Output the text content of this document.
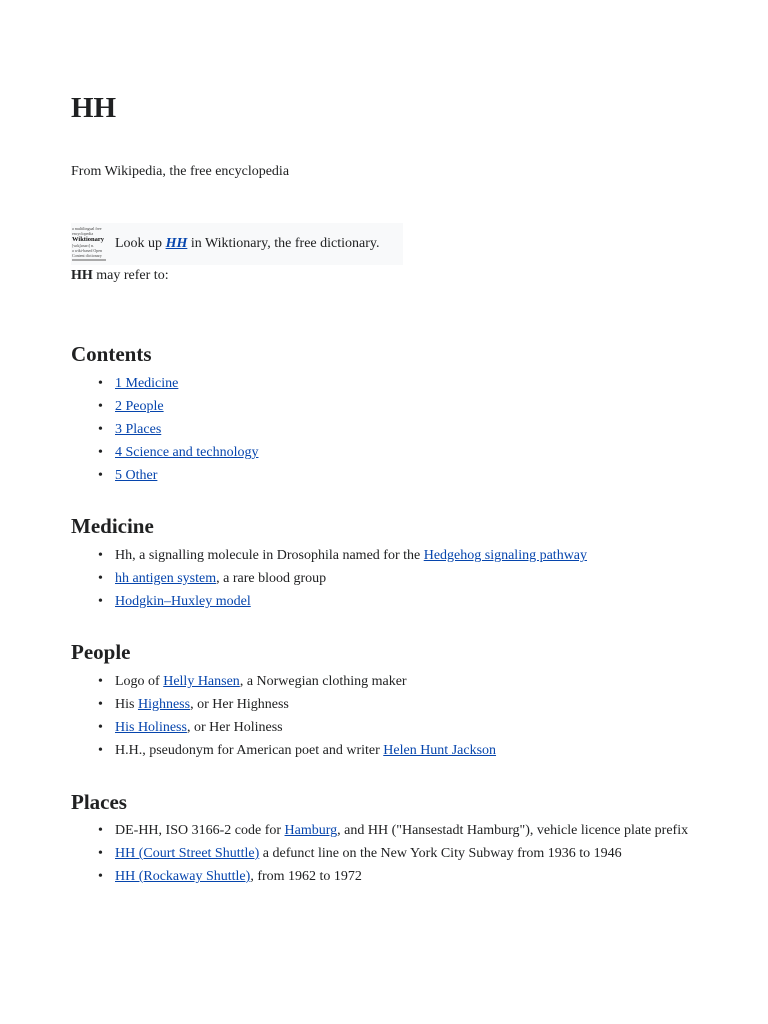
HH

From Wikipedia, the free encyclopedia

a multilingual free
encyclopedia
Wiktionary
[wɪkʃənərɪ] n.
a wiki-based Open
Content dictionary
Look up HH in Wiktionary, the free dictionary.

HH may refer to:

Contents
• 1 Medicine
• 2 People
• 3 Places
• 4 Science and technology
• 5 Other
Medicine
• Hh, a signalling molecule in Drosophila named for the Hedgehog signaling pathway
• hh antigen system, a rare blood group
• Hodgkin–Huxley model
People
• Logo of Helly Hansen, a Norwegian clothing maker
• His Highness, or Her Highness
• His Holiness, or Her Holiness
• H.H., pseudonym for American poet and writer Helen Hunt Jackson
Places
• DE-HH, ISO 3166-2 code for Hamburg, and HH ("Hansestadt Hamburg"), vehicle licence plate prefix
• HH (Court Street Shuttle) a defunct line on the New York City Subway from 1936 to 1946
• HH (Rockaway Shuttle), from 1962 to 1972
